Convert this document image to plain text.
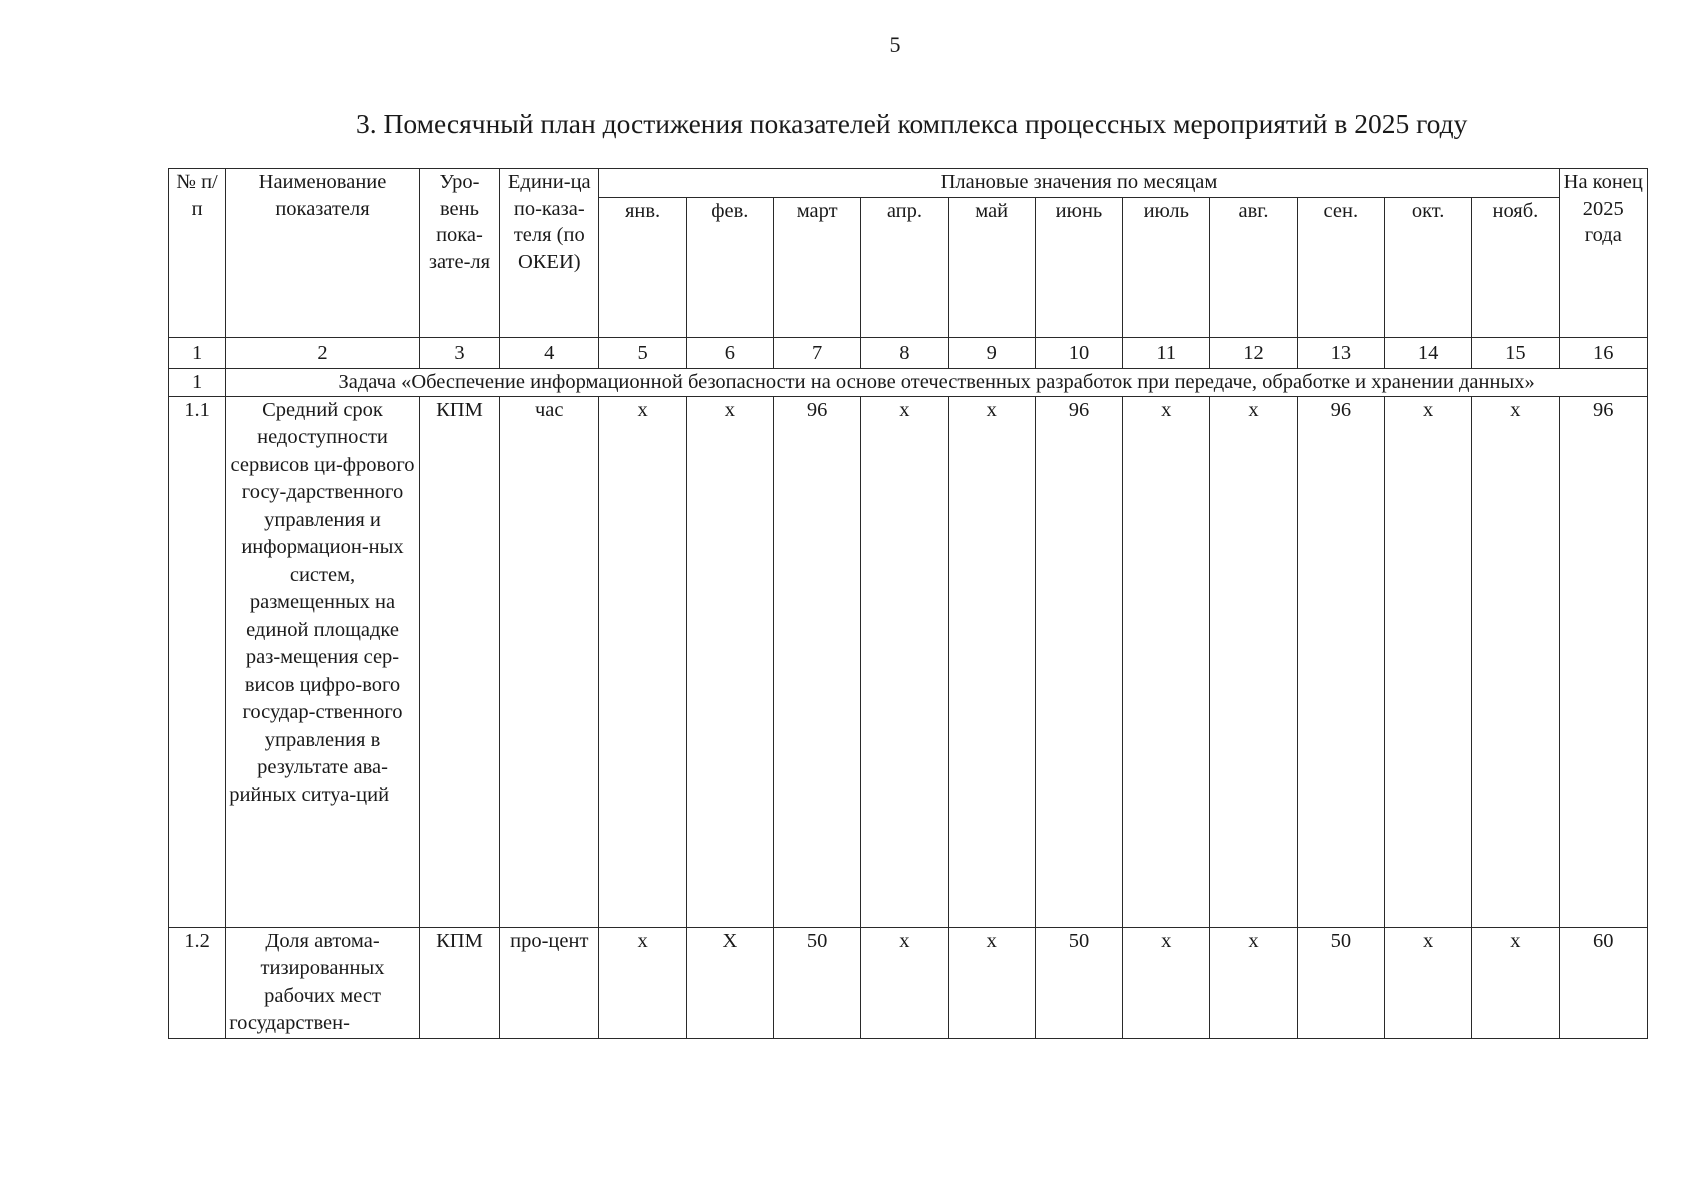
5
3. Помесячный план достижения показателей комплекса процессных мероприятий в 2025 году
№ п/п	Наименование показателя	Уро-вень пока-зате-ля	Едини-ца по-каза-теля (по ОКЕИ)	Плановые значения по месяцам											На конец 2025 года
				янв.	фев.	март	апр.	май	июнь	июль	авг.	сен.	окт.	нояб.	
1	2	3	4	5	6	7	8	9	10	11	12	13	14	15	16
1	Задача «Обеспечение информационной безопасности на основе отечественных разработок при передаче, обработке и хранении данных»														
1.1	Средний срок недоступности сервисов ци-фрового госу-дарственного управления и информацион-ных систем, размещенных на единой площадке раз-мещения сер-висов цифро-вого государ-ственного управления в результате ава-рийных ситуа-ций	КПМ	час	x	x	96	x	x	96	x	x	96	x	x	96
1.2	Доля автома-тизированных рабочих мест государствен-	КПМ	про-цент	x	X	50	x	x	50	x	x	50	x	x	60
